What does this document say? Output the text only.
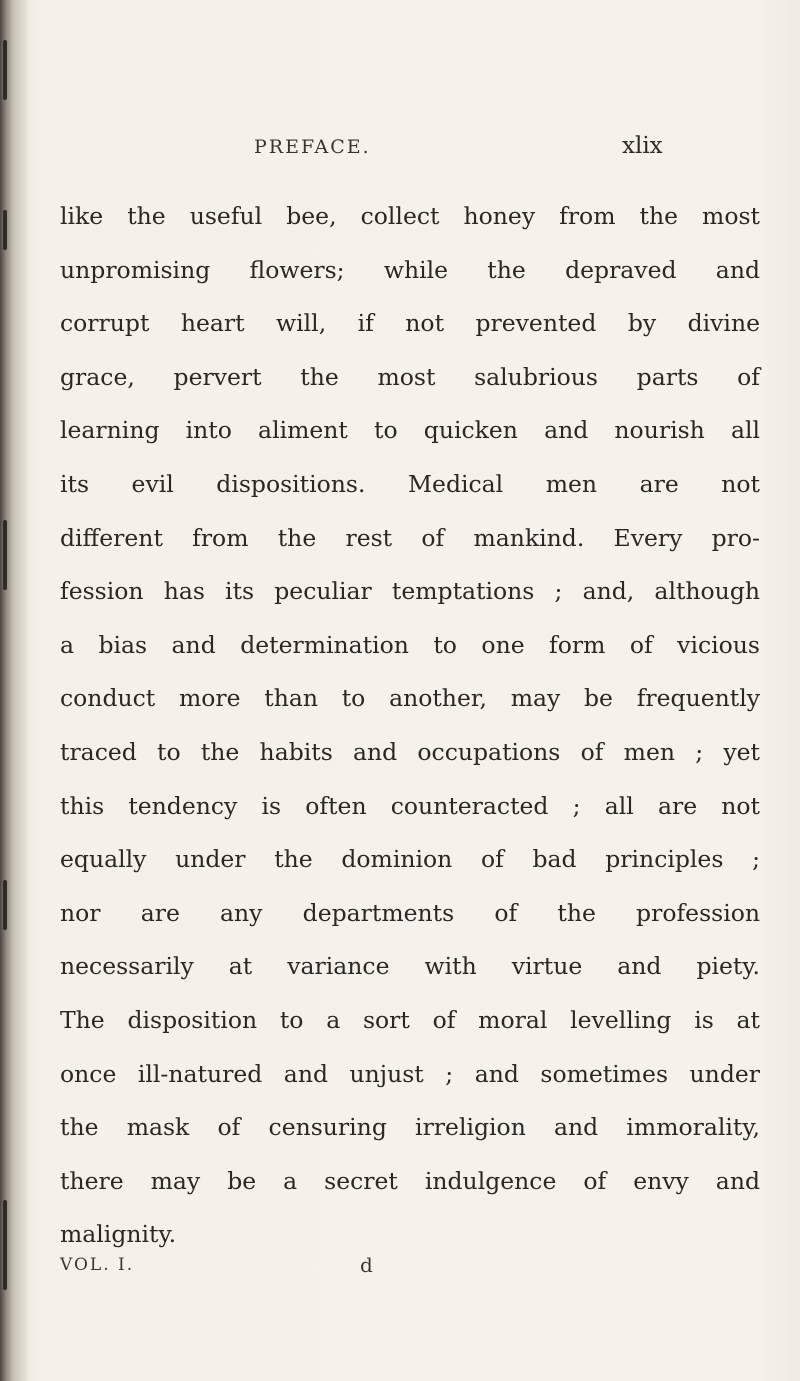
PREFACE.	xlix
like the useful bee, collect honey from the most
unpromising flowers; while the depraved and
corrupt heart will, if not prevented by divine
grace, pervert the most salubrious parts of
learning into aliment to quicken and nourish all
its evil dispositions. Medical men are not
different from the rest of mankind. Every pro-
fession has its peculiar temptations ; and, although
a bias and determination to one form of vicious
conduct more than to another, may be frequently
traced to the habits and occupations of men ; yet
this tendency is often counteracted ; all are not
equally under the dominion of bad principles ;
nor are any departments of the profession
necessarily at variance with virtue and piety.
The disposition to a sort of moral levelling is at
once ill-natured and unjust ; and sometimes under
the mask of censuring irreligion and immorality,
there may be a secret indulgence of envy and
malignity.
VOL. I.	d
